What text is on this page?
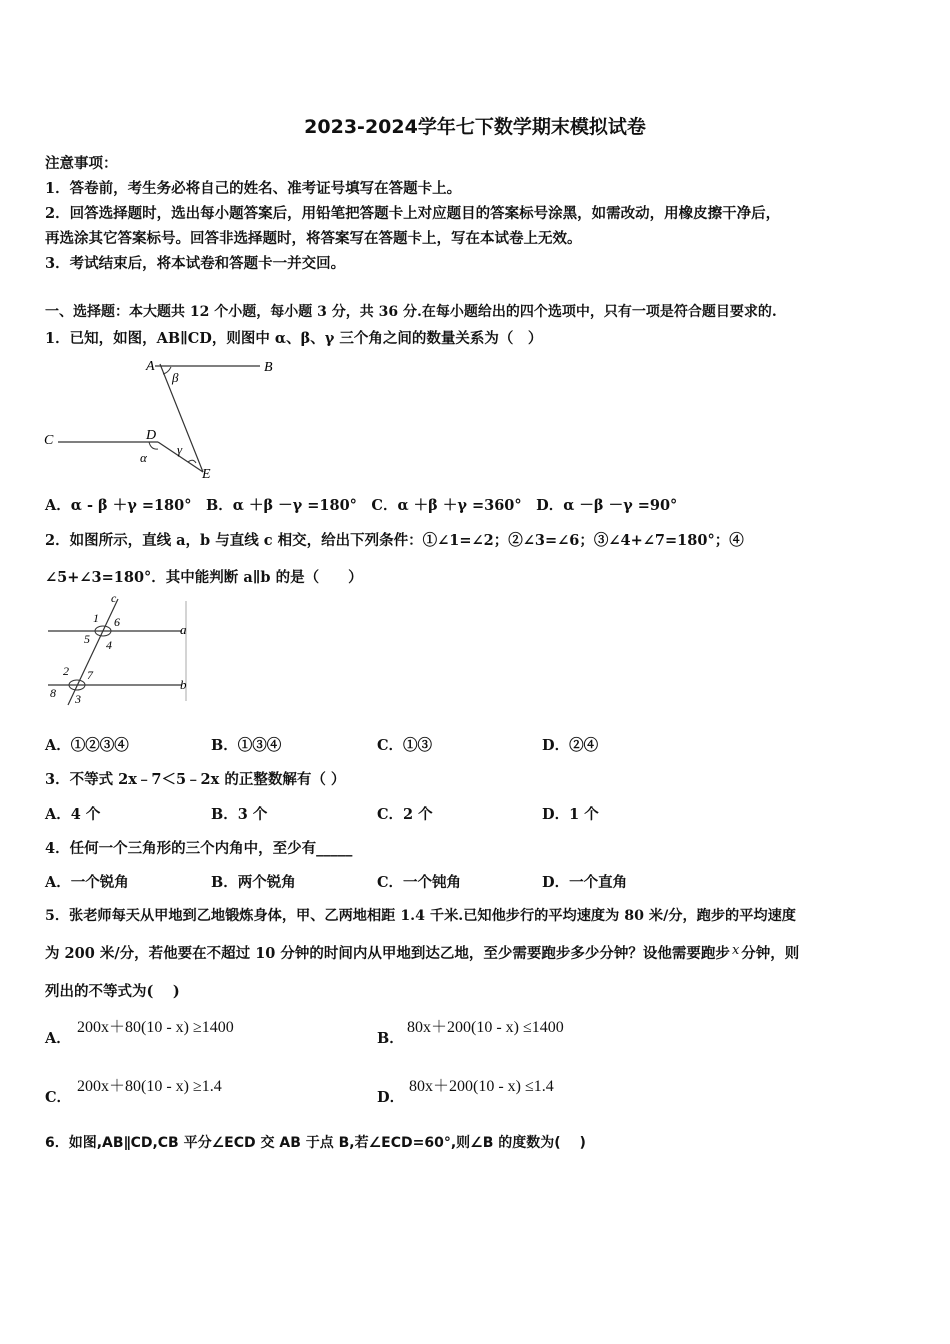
2023-2024学年七下数学期末模拟试卷
注意事项：
1．答卷前，考生务必将自己的姓名、准考证号填写在答题卡上。
2．回答选择题时，选出每小题答案后，用铅笔把答题卡上对应题目的答案标号涂黑，如需改动，用橡皮擦干净后，
再选涂其它答案标号。回答非选择题时，将答案写在答题卡上，写在本试卷上无效。
3．考试结束后，将本试卷和答题卡一并交回。
一、选择题：本大题共 12 个小题，每小题 3 分，共 36 分.在每小题给出的四个选项中，只有一项是符合题目要求的.
1．已知，如图，AB∥CD，则图中 α、β、γ 三个角之间的数量关系为（　）
A	B
C	D
E
β
α
γ
A．α - β ＋γ =180°　B．α ＋β －γ =180°　C．α ＋β ＋γ =360°　D．α －β －γ =90°
2．如图所示，直线 a，b 与直线 c 相交，给出下列条件：①∠1=∠2；②∠3=∠6；③∠4+∠7=180°；④
∠5+∠3=180°．其中能判断 a∥b 的是（　　）
c
a
b
1 6
5 4
2 7
8 3
A．①②③④	B．①③④	C．①③	D．②④
3．不等式 2x﹣7＜5﹣2x 的正整数解有（ ）
A．4 个	B．3 个	C．2 个	D．1 个
4．任何一个三角形的三个内角中，至少有_____
A．一个锐角	B．两个锐角	C．一个钝角	D．一个直角
5．张老师每天从甲地到乙地锻炼身体，甲、乙两地相距 1.4 千米.已知他步行的平均速度为 80 米/分，跑步的平均速度
为 200 米/分，若他要在不超过 10 分钟的时间内从甲地到达乙地，至少需要跑步多少分钟？设他需要跑步 x 分钟，则
列出的不等式为(　 )
A．
200x＋80(10 - x) ≥1400
B．
80x＋200(10 - x) ≤1400
C．
200x＋80(10 - x) ≥1.4
D．
80x＋200(10 - x) ≤1.4
6．如图,AB∥CD,CB 平分∠ECD 交 AB 于点 B,若∠ECD=60°,则∠B 的度数为(　 )
